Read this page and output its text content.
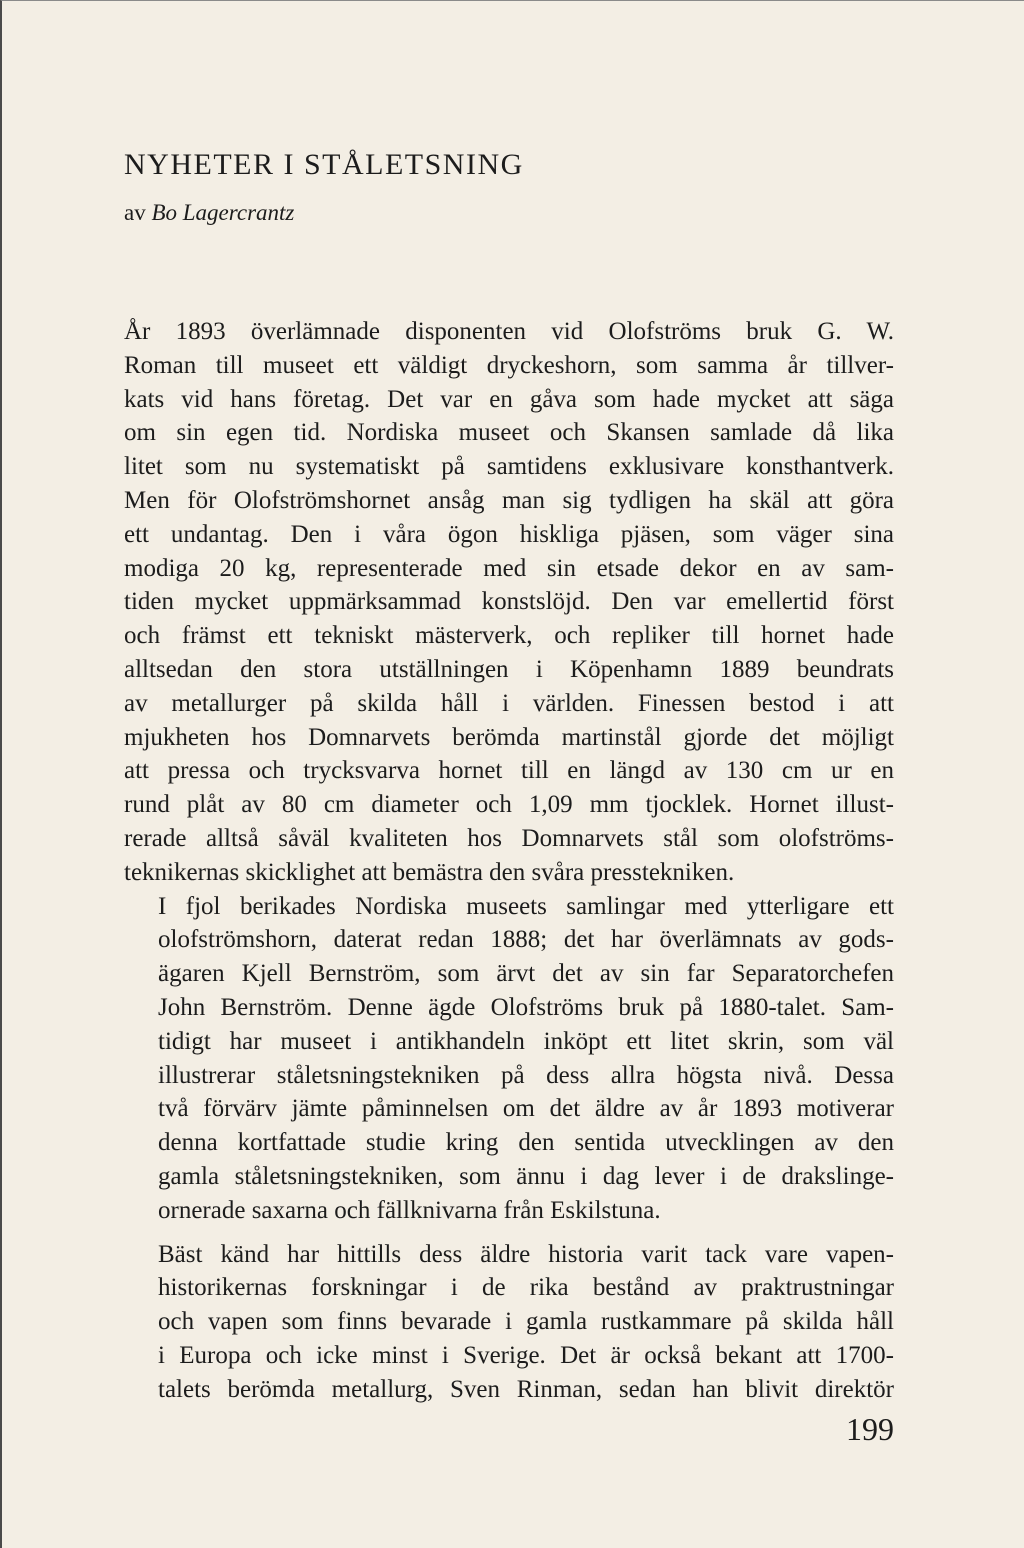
NYHETER I STÅLETSNING

av Bo Lagercrantz

År 1893 överlämnade disponenten vid Olofströms bruk G. W.
Roman till museet ett väldigt dryckeshorn, som samma år tillver-
kats vid hans företag. Det var en gåva som hade mycket att säga
om sin egen tid. Nordiska museet och Skansen samlade då lika
litet som nu systematiskt på samtidens exklusivare konsthantverk.
Men för Olofströmshornet ansåg man sig tydligen ha skäl att göra
ett undantag. Den i våra ögon hiskliga pjäsen, som väger sina
modiga 20 kg, representerade med sin etsade dekor en av sam-
tiden mycket uppmärksammad konstslöjd. Den var emellertid först
och främst ett tekniskt mästerverk, och repliker till hornet hade
alltsedan den stora utställningen i Köpenhamn 1889 beundrats
av metallurger på skilda håll i världen. Finessen bestod i att
mjukheten hos Domnarvets berömda martinstål gjorde det möjligt
att pressa och trycksvarva hornet till en längd av 130 cm ur en
rund plåt av 80 cm diameter och 1,09 mm tjocklek. Hornet illust-
rerade alltså såväl kvaliteten hos Domnarvets stål som olofströms-
teknikernas skicklighet att bemästra den svåra presstekniken.
I fjol berikades Nordiska museets samlingar med ytterligare ett
olofströmshorn, daterat redan 1888; det har överlämnats av gods-
ägaren Kjell Bernström, som ärvt det av sin far Separatorchefen
John Bernström. Denne ägde Olofströms bruk på 1880-talet. Sam-
tidigt har museet i antikhandeln inköpt ett litet skrin, som väl
illustrerar ståletsningstekniken på dess allra högsta nivå. Dessa
två förvärv jämte påminnelsen om det äldre av år 1893 motiverar
denna kortfattade studie kring den sentida utvecklingen av den
gamla ståletsningstekniken, som ännu i dag lever i de drakslinge-
ornerade saxarna och fällknivarna från Eskilstuna.
Bäst känd har hittills dess äldre historia varit tack vare vapen-
historikernas forskningar i de rika bestånd av praktrustningar
och vapen som finns bevarade i gamla rustkammare på skilda håll
i Europa och icke minst i Sverige. Det är också bekant att 1700-
talets berömda metallurg, Sven Rinman, sedan han blivit direktör
199
